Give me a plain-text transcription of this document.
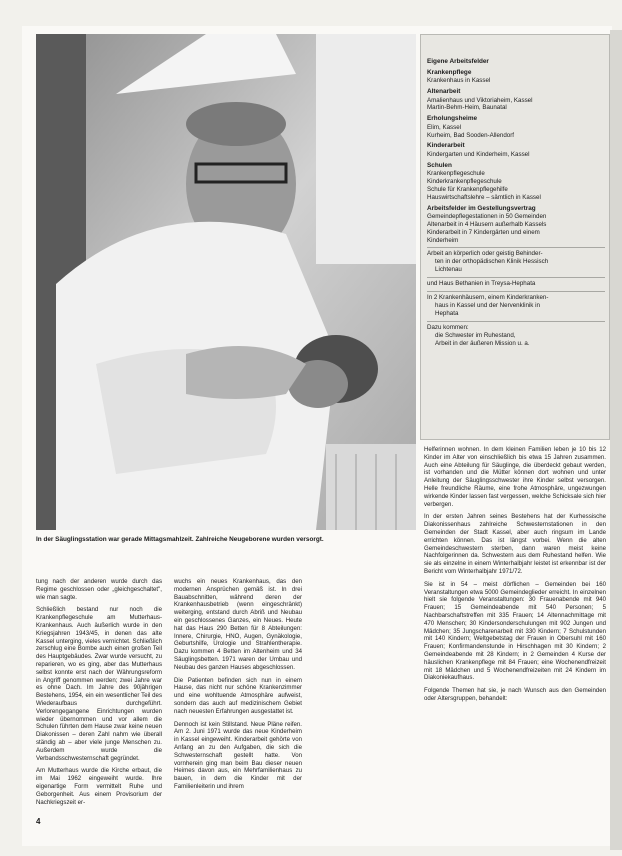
In der Säuglingsstation war gerade Mittagsmahlzeit. Zahlreiche Neugeborene wurden versorgt.
Eigene Arbeitsfelder
Krankenpflege
Krankenhaus in Kassel
Altenarbeit
Amalienhaus und Viktoriaheim, Kassel
Martin-Behm-Heim, Baunatal
Erholungsheime
Elim, Kassel
Kurheim, Bad Sooden-Allendorf
Kinderarbeit
Kindergarten und Kinderheim, Kassel
Schulen
Krankenpflegeschule
Kinderkrankenpflegeschule
Schule für Krankenpflegehilfe
Hauswirtschaftslehre – sämtlich in Kassel
Arbeitsfelder im Gestellungsvertrag
Gemeindepflegestationen in 50 Gemeinden
Altenarbeit in 4 Häusern außerhalb Kassels
Kinderarbeit in 7 Kindergärten und einem
Kinderheim
Arbeit an körperlich oder geistig Behinder-
ten in der orthopädischen Klinik Hessisch
Lichtenau
und Haus Bethanien in Treysa-Hephata
In 2 Krankenhäusern, einem Kinderkranken-
haus in Kassel und der Nervenklinik in
Hephata
Dazu kommen:
die Schwester im Ruhestand,
Arbeit in der äußeren Mission u. a.

tung nach der anderen wurde durch das Regime geschlossen oder „gleichgeschaltet", wie man sagte.

Schließlich bestand nur noch die Krankenpflegeschule am Mutterhaus-Krankenhaus. Auch äußerlich wurde in den Kriegsjahren 1943/45, in denen das alte Kassel unterging, vieles vernichtet. Schließlich zerschlug eine Bombe auch einen großen Teil des Hauptgebäudes. Zwar wurde versucht, zu reparieren, wo es ging, aber das Mutterhaus selbst konnte erst nach der Währungsreform in Angriff genommen werden; zwei Jahre war es ohne Dach. Im Jahre des 90jährigen Bestehens, 1954, ein ein wesentlicher Teil des Wiederaufbaus durchgeführt. Verlorengegangene Einrichtungen wurden wieder übernommen und vor allem die Schulen führten dem Hause zwar keine neuen Diakonissen – deren Zahl nahm wie überall ständig ab – aber viele junge Menschen zu. Außerdem wurde die Verbandsschwesternschaft gegründet.

Am Mutterhaus wurde die Kirche erbaut, die im Mai 1962 eingeweiht wurde. Ihre eigenartige Form vermittelt Ruhe und Geborgenheit. Aus einem Provisorium der Nachkriegszeit er-

wuchs ein neues Krankenhaus, das den modernen Ansprüchen gemäß ist. In drei Bauabschnitten, während deren der Krankenhausbetrieb (wenn eingeschränkt) weiterging, entstand durch Abriß und Neubau ein geschlossenes Ganzes, ein Neues. Heute hat das Haus 290 Betten für 8 Abteilungen: Innere, Chirurgie, HNO, Augen, Gynäkologie, Geburtshilfe, Urologie und Strahlentherapie. Dazu kommen 4 Betten im Altenheim und 34 Säuglingsbetten. 1971 waren der Umbau und Neubau des ganzen Hauses abgeschlossen.

Die Patienten befinden sich nun in einem Hause, das nicht nur schöne Krankenzimmer und eine wohltuende Atmosphäre aufweist, sondern das auch auf medizinischem Gebiet nach neuesten Erfahrungen ausgestattet ist.

Dennoch ist kein Stillstand. Neue Pläne reifen. Am 2. Juni 1971 wurde das neue Kinderheim in Kassel eingeweiht. Kinderarbeit gehörte von Anfang an zu den Aufgaben, die sich die Schwesternschaft gestellt hatte. Von vornherein ging man beim Bau dieser neuen Heimes davon aus, ein Mehrfamilienhaus zu bauen, in dem die Kinder mit der Familienleiterin und ihrem

Helferinnen wohnen. In dem kleinen Familien leben je 10 bis 12 Kinder im Alter von einschließlich bis etwa 15 Jahren zusammen. Auch eine Abteilung für Säuglinge, die überdeckt gebaut werden, ist vorhanden und die Mütter können dort wohnen und unter Anleitung der Säuglingsschwester ihre Kinder selbst versorgen. Helle freundliche Räume, eine frohe Atmosphäre, ungezwungen wirkende Kinder lassen fast vergessen, welche Schicksale sich hier verbergen.

In der ersten Jahren seines Bestehens hat der Kurhessische Diakonissenhaus zahlreiche Schwesternstationen in den Gemeinden der Stadt Kassel, aber auch ringsum im Lande errichten können. Das ist längst vorbei. Wenn die alten Gemeindeschwestern sterben, dann waren meist keine Nachfolgerinnen da. Schwestern aus dem Ruhestand helfen. Wie sie als einzelne in einem Winterhalbjahr leistet ist erkennbar ist der Bericht vom Winterhalbjahr 1971/72.

Sie ist in 54 – meist dörflichen – Gemeinden bei 160 Veranstaltungen etwa 5000 Gemeindeglieder erreicht. In einzelnen hielt sie folgende Veranstaltungen: 30 Frauenabende mit 940 Frauen; 15 Gemeindeabende mit 540 Personen; 5 Nachbarschaftstreffen mit 335 Frauen; 14 Altennachmittage mit 470 Menschen; 30 Kindersonderschulungen mit 902 Jungen und Mädchen; 35 Jungscharenarbeit mit 330 Kindern; 7 Schulstunden mit 140 Kindern; Weltgebetstag der Frauen in Obersuhl mit 160 Frauen; Konfirmandenstunde in Hirschhagen mit 30 Kindern; 2 Gemeindeabende mit 28 Kindern; in 2 Gemeinden 4 Kurse der häuslichen Krankenpflege mit 84 Frauen; eine Wochenendfreizeit mit 18 Mädchen und 5 Wochenendfreizeiten mit 24 Kindern im Diakoniekaufhaus.

Folgende Themen hat sie, je nach Wunsch aus den Gemeinden oder Altersgruppen, behandelt:

4
